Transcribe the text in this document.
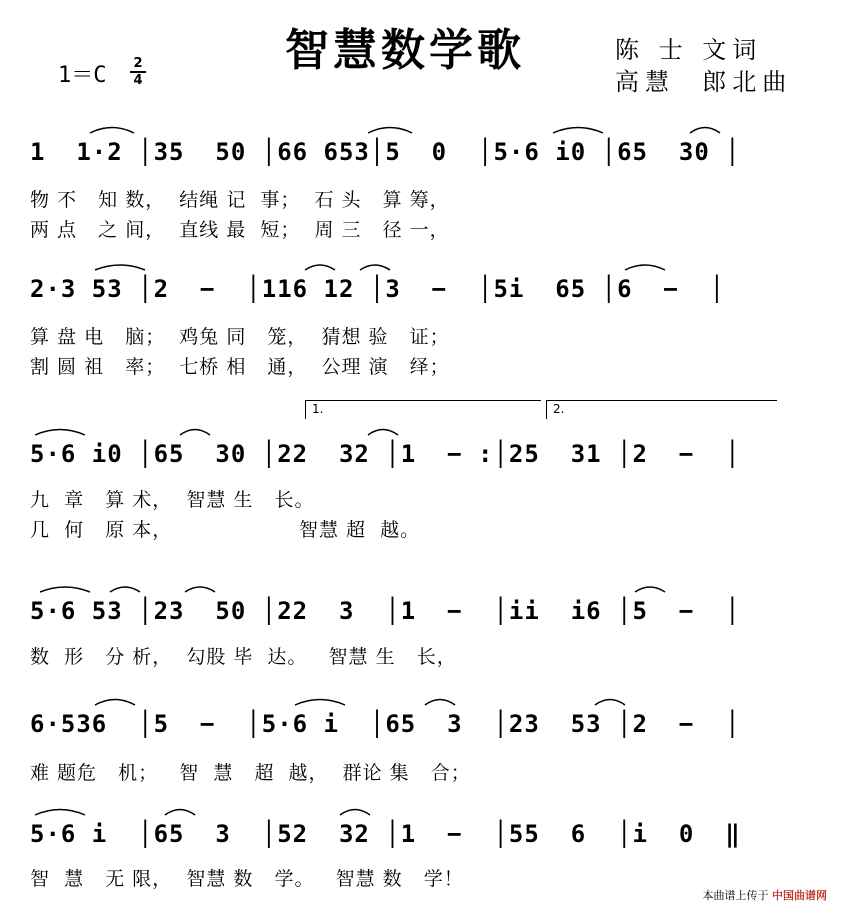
智慧数学歌
1＝C 2
4
陈 士 文词
高慧  郎北曲
1  1·2 │35  50 │66 653│5  0  │5·6 i0 │65  30 │
物 不   知 数，  结绳 记  事；  石 头   算 筹，
两 点   之 间，  直线 最  短；  周 三   径 一，
2·3 53 │2  −  │116 12 │3  −  │5i  65 │6  −  │
算 盘 电   脑；  鸡兔 同   笼，  猜想 验   证；
割 圆 祖   率；  七桥 相   通，  公理 演   绎；
1.	2.
5·6 i0 │65  30 │22  32 │1  − :│25  31 │2  −  │
九  章   算 术，  智慧 生   长。
几  何   原 本，                  智慧 超  越。
5·6 53 │23  50 │22  3  │1  −  │ii  i6 │5  −  │
数  形   分 析，  勾股 毕  达。   智慧 生   长，
6·536  │5  −  │5·6 i  │65  3  │23  53 │2  −  │
难 题危   机；   智  慧   超  越，  群论 集   合；
5·6 i  │65  3  │52  32 │1  −  │55  6  │i  0  ‖
智  慧   无 限，  智慧 数   学。   智慧 数   学！
本曲谱上传于 中国曲谱网
